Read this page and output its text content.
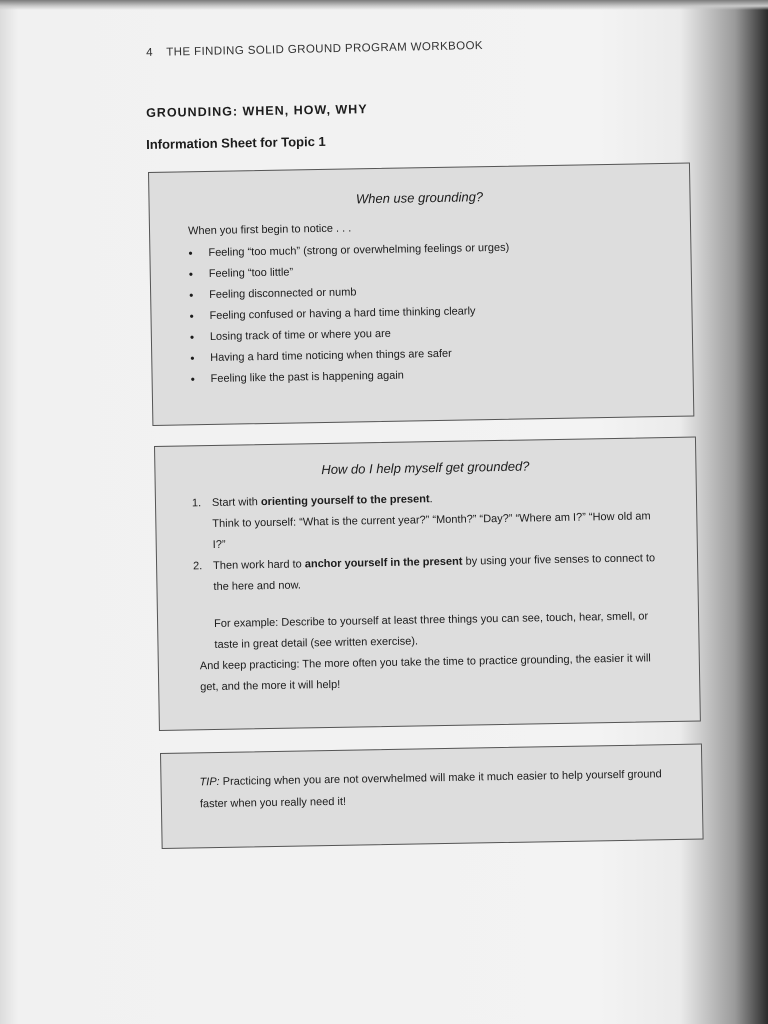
4 THE FINDING SOLID GROUND PROGRAM WORKBOOK
GROUNDING: WHEN, HOW, WHY
Information Sheet for Topic 1
When use grounding?
When you first begin to notice . . .
• Feeling “too much” (strong or overwhelming feelings or urges)
• Feeling “too little”
• Feeling disconnected or numb
• Feeling confused or having a hard time thinking clearly
• Losing track of time or where you are
• Having a hard time noticing when things are safer
• Feeling like the past is happening again
How do I help myself get grounded?
1. Start with orienting yourself to the present.
Think to yourself: “What is the current year?” “Month?” “Day?” “Where am I?” “How old am I?”
2. Then work hard to anchor yourself in the present by using your five senses to connect to the here and now.
For example: Describe to yourself at least three things you can see, touch, hear, smell, or taste in great detail (see written exercise).
And keep practicing: The more often you take the time to practice grounding, the easier it will get, and the more it will help!
TIP: Practicing when you are not overwhelmed will make it much easier to help yourself ground faster when you really need it!
